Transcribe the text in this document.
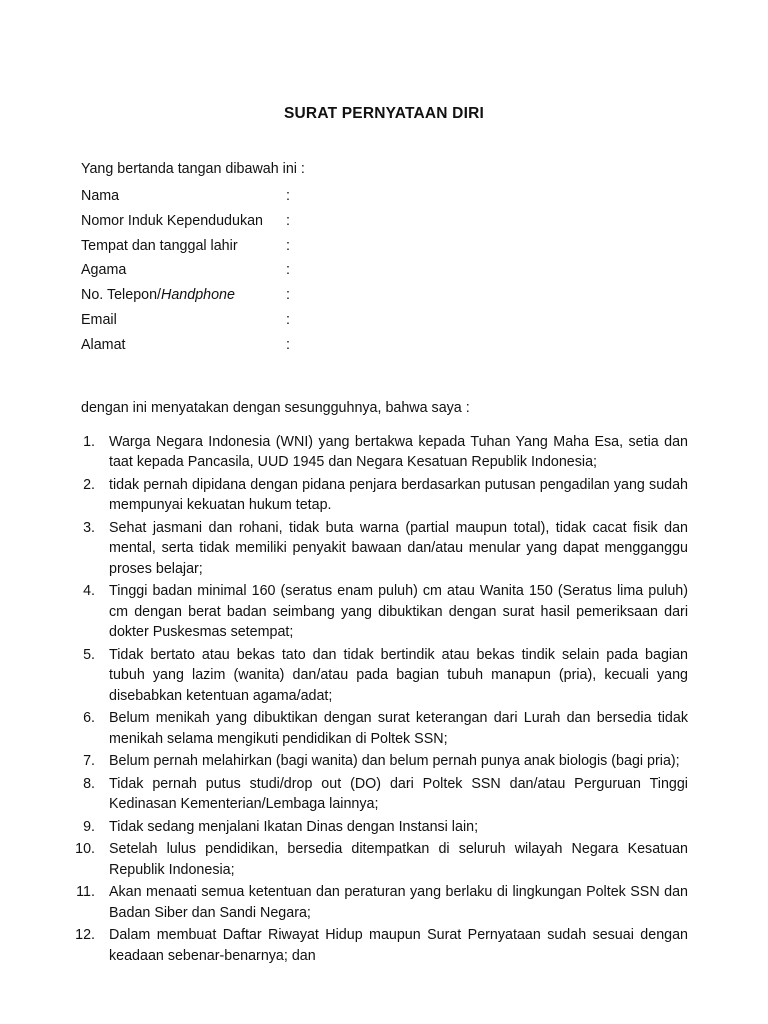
SURAT PERNYATAAN DIRI
Yang bertanda tangan dibawah ini :
Nama	:
Nomor Induk Kependudukan :
Tempat dan tanggal lahir	:
Agama	:
No. Telepon/Handphone	:
Email	:
Alamat	:
dengan ini menyatakan dengan sesungguhnya, bahwa saya :
1. Warga Negara Indonesia (WNI) yang bertakwa kepada Tuhan Yang Maha Esa, setia dan taat kepada Pancasila, UUD 1945 dan Negara Kesatuan Republik Indonesia;
2. tidak pernah dipidana dengan pidana penjara berdasarkan putusan pengadilan yang sudah mempunyai kekuatan hukum tetap.
3. Sehat jasmani dan rohani, tidak buta warna (partial maupun total), tidak cacat fisik dan mental, serta tidak memiliki penyakit bawaan dan/atau menular yang dapat mengganggu proses belajar;
4. Tinggi badan minimal 160 (seratus enam puluh) cm atau Wanita 150 (Seratus lima puluh) cm dengan berat badan seimbang yang dibuktikan dengan surat hasil pemeriksaan dari dokter Puskesmas setempat;
5. Tidak bertato atau bekas tato dan tidak bertindik atau bekas tindik selain pada bagian tubuh yang lazim (wanita) dan/atau pada bagian tubuh manapun (pria), kecuali yang disebabkan ketentuan agama/adat;
6. Belum menikah yang dibuktikan dengan surat keterangan dari Lurah dan bersedia tidak menikah selama mengikuti pendidikan di Poltek SSN;
7. Belum pernah melahirkan (bagi wanita) dan belum pernah punya anak biologis (bagi pria);
8. Tidak pernah putus studi/drop out (DO) dari Poltek SSN dan/atau Perguruan Tinggi Kedinasan Kementerian/Lembaga lainnya;
9. Tidak sedang menjalani Ikatan Dinas dengan Instansi lain;
10. Setelah lulus pendidikan, bersedia ditempatkan di seluruh wilayah Negara Kesatuan Republik Indonesia;
11. Akan menaati semua ketentuan dan peraturan yang berlaku di lingkungan Poltek SSN dan Badan Siber dan Sandi Negara;
12. Dalam membuat Daftar Riwayat Hidup maupun Surat Pernyataan sudah sesuai dengan keadaan sebenar-benarnya; dan
